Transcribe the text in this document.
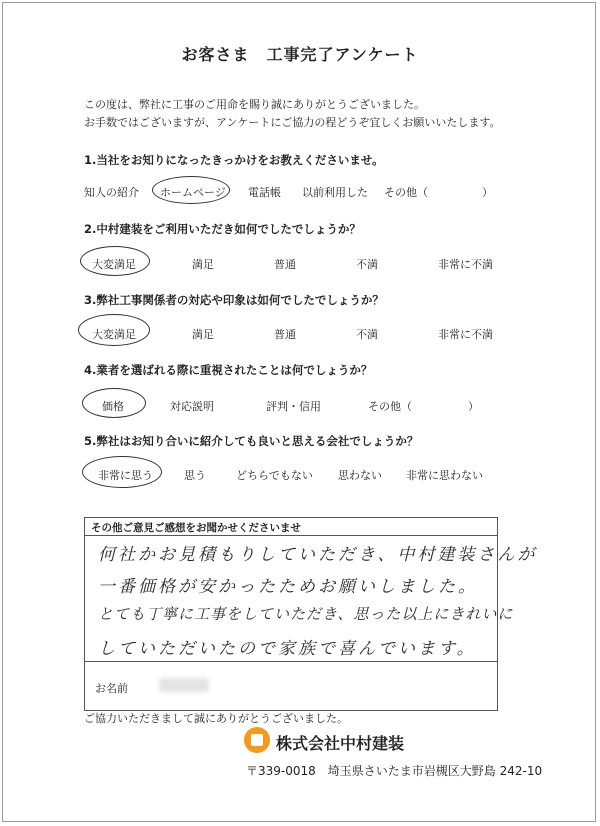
お客さま　工事完了アンケート
この度は、弊社に工事のご用命を賜り誠にありがとうございました。
お手数ではございますが、アンケートにご協力の程どうぞ宜しくお願いいたします。
1.当社をお知りになったきっかけをお教えくださいませ。
知人の紹介 ホームページ 電話帳 以前利用した その他（	）
2.中村建装をご利用いただき如何でしたでしょうか？
大変満足	満足	普通	不満	非常に不満
3.弊社工事関係者の対応や印象は如何でしたでしょうか？
大変満足	満足	普通	不満	非常に不満
4.業者を選ばれる際に重視されたことは何でしょうか？
価格	対応説明	評判・信用	その他（	）
5.弊社はお知り合いに紹介しても良いと思える会社でしょうか？
非常に思う	思う	どちらでもない 思わない 非常に思わない
その他ご意見ご感想をお聞かせくださいませ
お名前
何社かお見積もりしていただき、中村建装さんが
一番価格が安かったためお願いしました。
とても丁寧に工事をしていただき、思った以上にきれいに
していただいたので家族で喜んでいます。
ご協力いただきまして誠にありがとうございました。
株式会社中村建装
〒339-0018　埼玉県さいたま市岩槻区大野島 242-10
